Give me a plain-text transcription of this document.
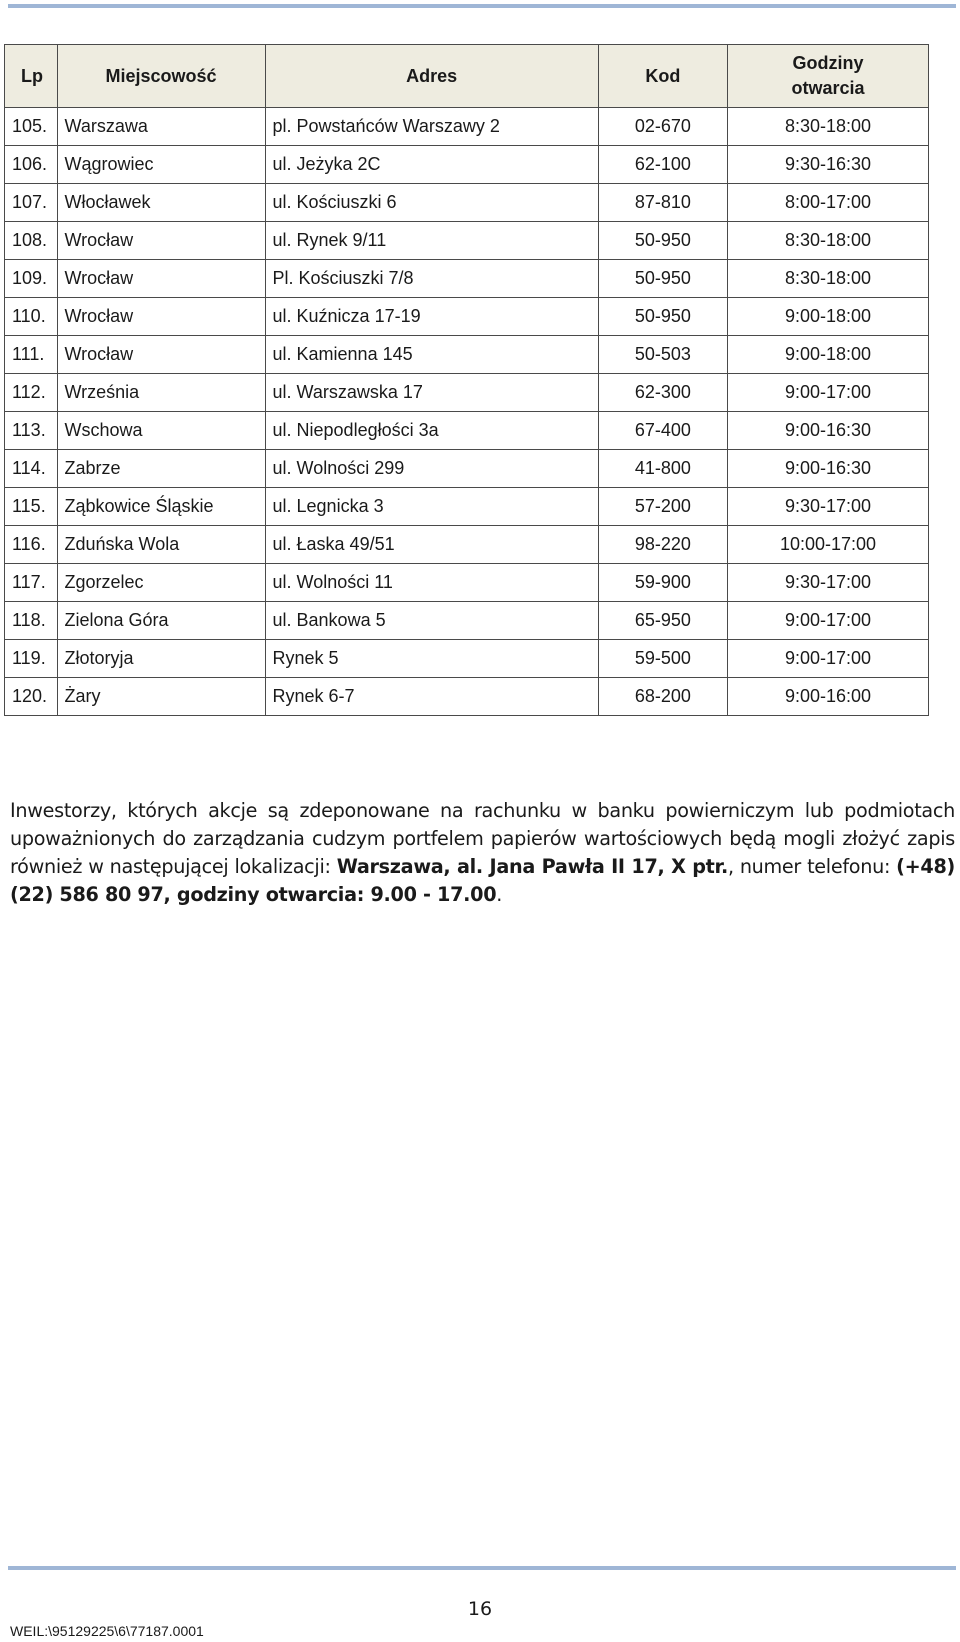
Lp	Miejscowość	Adres	Kod	Godziny
otwarcia
105.	Warszawa	pl. Powstańców Warszawy 2	02-670	8:30-18:00
106.	Wągrowiec	ul. Jeżyka 2C	62-100	9:30-16:30
107.	Włocławek	ul. Kościuszki 6	87-810	8:00-17:00
108.	Wrocław	ul. Rynek 9/11	50-950	8:30-18:00
109.	Wrocław	Pl. Kościuszki 7/8	50-950	8:30-18:00
110.	Wrocław	ul. Kuźnicza 17-19	50-950	9:00-18:00
111.	Wrocław	ul. Kamienna 145	50-503	9:00-18:00
112.	Września	ul. Warszawska 17	62-300	9:00-17:00
113.	Wschowa	ul. Niepodległości 3a	67-400	9:00-16:30
114.	Zabrze	ul. Wolności 299	41-800	9:00-16:30
115.	Ząbkowice Śląskie	ul. Legnicka 3	57-200	9:30-17:00
116.	Zduńska Wola	ul. Łaska 49/51	98-220	10:00-17:00
117.	Zgorzelec	ul. Wolności 11	59-900	9:30-17:00
118.	Zielona Góra	ul. Bankowa 5	65-950	9:00-17:00
119.	Złotoryja	Rynek 5	59-500	9:00-17:00
120.	Żary	Rynek 6-7	68-200	9:00-16:00

Inwestorzy, których akcje są zdeponowane na rachunku w banku powierniczym lub podmiotach upoważnionych do zarządzania cudzym portfelem papierów wartościowych będą mogli złożyć zapis również w następującej lokalizacji: Warszawa, al. Jana Pawła II 17, X ptr., numer telefonu: (+48) (22) 586 80 97, godziny otwarcia: 9.00 - 17.00.

16
WEIL:\95129225\6\77187.0001
